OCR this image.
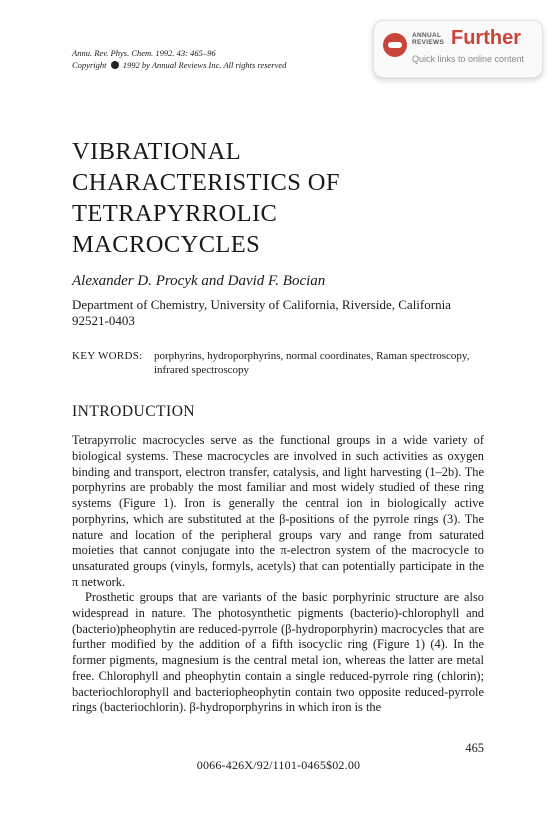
Annu. Rev. Phys. Chem. 1992. 43: 465–96
Copyright 1992 by Annual Reviews Inc. All rights reserved
ANNUAL REVIEWS Further
Quick links to online content
VIBRATIONAL
CHARACTERISTICS OF
TETRAPYRROLIC
MACROCYCLES
Alexander D. Procyk and David F. Bocian
Department of Chemistry, University of California, Riverside, California 92521-0403
KEY WORDS: porphyrins, hydroporphyrins, normal coordinates, Raman spectroscopy, infrared spectroscopy
INTRODUCTION

Tetrapyrrolic macrocycles serve as the functional groups in a wide variety of biological systems. These macrocycles are involved in such activities as oxygen binding and transport, electron transfer, catalysis, and light harvesting (1–2b). The porphyrins are probably the most familiar and most widely studied of these ring systems (Figure 1). Iron is generally the central ion in biologically active porphyrins, which are substituted at the β-positions of the pyrrole rings (3). The nature and location of the peripheral groups vary and range from saturated moieties that cannot conjugate into the π-electron system of the macrocycle to unsaturated groups (vinyls, formyls, acetyls) that can potentially participate in the π network.

Prosthetic groups that are variants of the basic porphyrinic structure are also widespread in nature. The photosynthetic pigments (bacterio)-chlorophyll and (bacterio)pheophytin are reduced-pyrrole (β-hydroporphyrin) macrocycles that are further modified by the addition of a fifth isocyclic ring (Figure 1) (4). In the former pigments, magnesium is the central metal ion, whereas the latter are metal free. Chlorophyll and pheophytin contain a single reduced-pyrrole ring (chlorin); bacteriochlorophyll and bacteriopheophytin contain two opposite reduced-pyrrole rings (bacteriochlorin). β-hydroporphyrins in which iron is the

465
0066-426X/92/1101-0465$02.00
